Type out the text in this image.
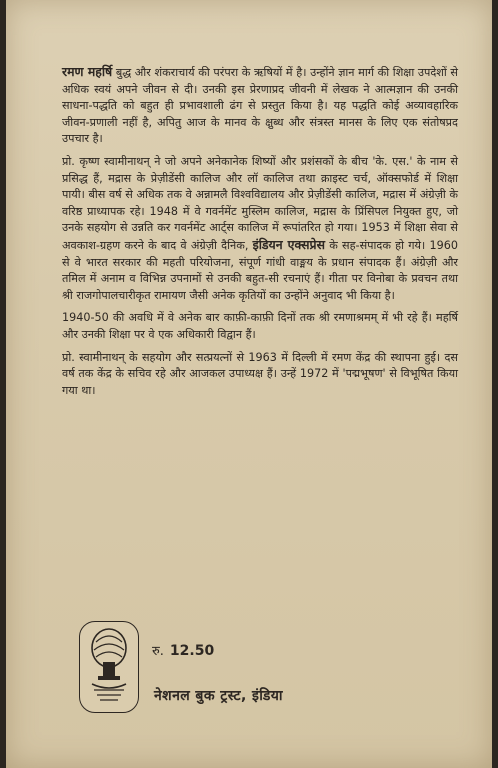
रमण महर्षि बुद्ध और शंकराचार्य की परंपरा के ऋषियों में है। उन्होंने ज्ञान मार्ग की शिक्षा उपदेशों से अधिक स्वयं अपने जीवन से दी। उनकी इस प्रेरणाप्रद जीवनी में लेखक ने आत्मज्ञान की उनकी साधना-पद्धति को बहुत ही प्रभावशाली ढंग से प्रस्तुत किया है। यह पद्धति कोई अव्यावहारिक जीवन-प्रणाली नहीं है, अपितु आज के मानव के क्षुब्ध और संत्रस्त मानस के लिए एक संतोषप्रद उपचार है।

प्रो. कृष्ण स्वामीनाथन् ने जो अपने अनेकानेक शिष्यों और प्रशंसकों के बीच 'के. एस.' के नाम से प्रसिद्ध हैं, मद्रास के प्रेज़ीडेंसी कालिज और लॉ कालिज तथा क्राइस्ट चर्च, ऑक्सफोर्ड में शिक्षा पायी। बीस वर्ष से अधिक तक वे अन्नामलै विश्वविद्यालय और प्रेज़ीडेंसी कालिज, मद्रास में अंग्रेज़ी के वरिष्ठ प्राध्यापक रहे। 1948 में वे गवर्नमेंट मुस्लिम कालिज, मद्रास के प्रिंसिपल नियुक्त हुए, जो उनके सहयोग से उन्नति कर गवर्नमेंट आर्ट्स कालिज में रूपांतरित हो गया। 1953 में शिक्षा सेवा से अवकाश-ग्रहण करने के बाद वे अंग्रेज़ी दैनिक, इंडियन एक्सप्रेस के सह-संपादक हो गये। 1960 से वे भारत सरकार की महती परियोजना, संपूर्ण गांधी वाङ्मय के प्रधान संपादक हैं। अंग्रेज़ी और तमिल में अनाम व विभिन्न उपनामों से उनकी बहुत-सी रचनाएं हैं। गीता पर विनोबा के प्रवचन तथा श्री राजगोपालचारीकृत रामायण जैसी अनेक कृतियों का उन्होंने अनुवाद भी किया है।

1940-50 की अवधि में वे अनेक बार काफ़ी-काफ़ी दिनों तक श्री रमणाश्रमम् में भी रहे हैं। महर्षि और उनकी शिक्षा पर वे एक अधिकारी विद्वान हैं।

प्रो. स्वामीनाथन् के सहयोग और सत्प्रयत्नों से 1963 में दिल्ली में रमण केंद्र की स्थापना हुई। दस वर्ष तक केंद्र के सचिव रहे और आजकल उपाध्यक्ष हैं। उन्हें 1972 में 'पद्मभूषण' से विभूषित किया गया था।

रु. 12.50
नेशनल बुक ट्रस्ट, इंडिया
